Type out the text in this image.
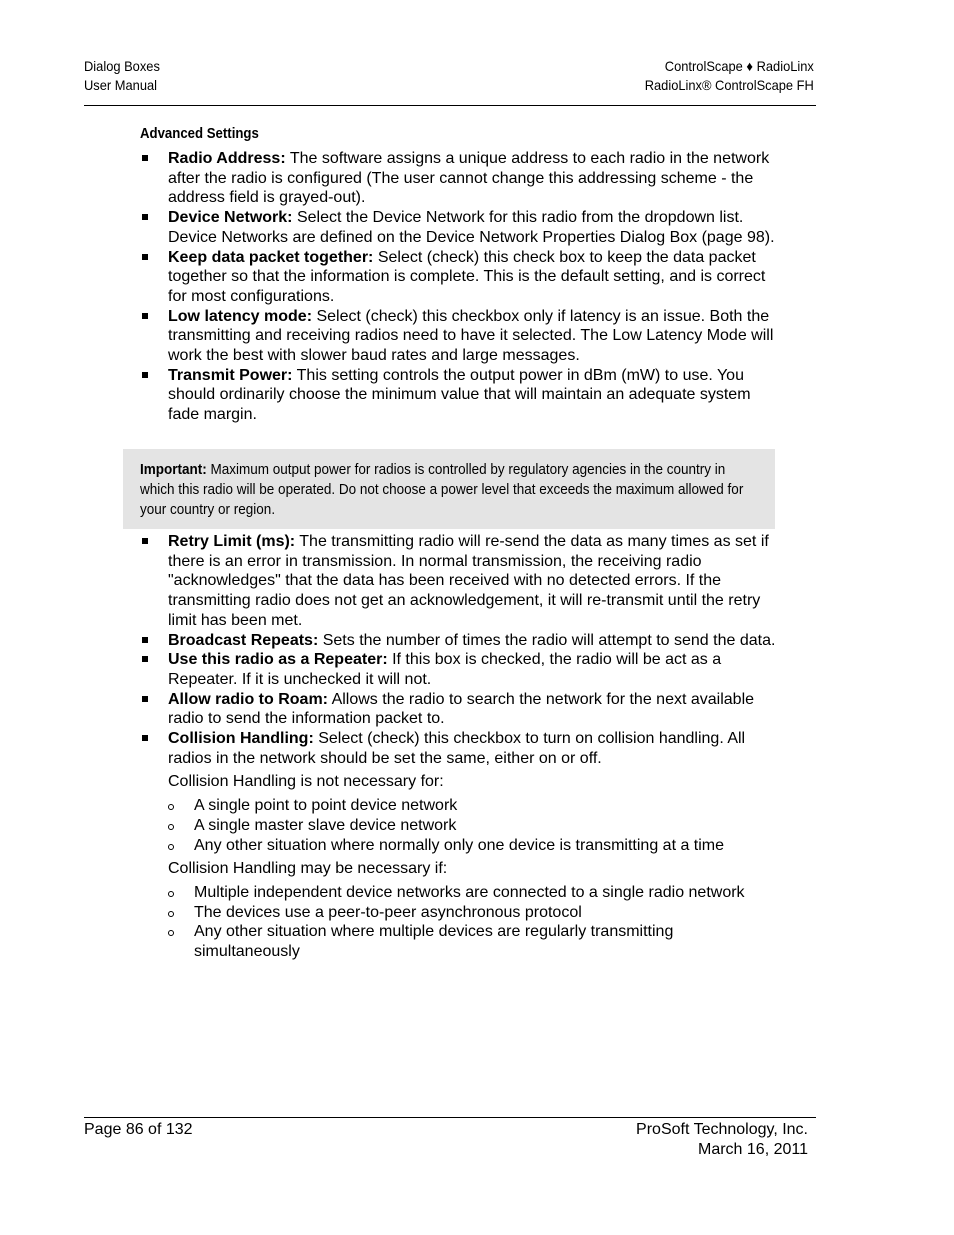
Dialog Boxes
User Manual
ControlScape ♦ RadioLinx
RadioLinx® ControlScape FH
Advanced Settings
Radio Address: The software assigns a unique address to each radio in the network after the radio is configured (The user cannot change this addressing scheme - the address field is grayed-out).
Device Network: Select the Device Network for this radio from the dropdown list. Device Networks are defined on the Device Network Properties Dialog Box (page 98).
Keep data packet together: Select (check) this check box to keep the data packet together so that the information is complete. This is the default setting, and is correct for most configurations.
Low latency mode: Select (check) this checkbox only if latency is an issue. Both the transmitting and receiving radios need to have it selected. The Low Latency Mode will work the best with slower baud rates and large messages.
Transmit Power: This setting controls the output power in dBm (mW) to use. You should ordinarily choose the minimum value that will maintain an adequate system fade margin.
Important: Maximum output power for radios is controlled by regulatory agencies in the country in which this radio will be operated. Do not choose a power level that exceeds the maximum allowed for your country or region.
Retry Limit (ms): The transmitting radio will re-send the data as many times as set if there is an error in transmission. In normal transmission, the receiving radio "acknowledges" that the data has been received with no detected errors. If the transmitting radio does not get an acknowledgement, it will re-transmit until the retry limit has been met.
Broadcast Repeats: Sets the number of times the radio will attempt to send the data.
Use this radio as a Repeater: If this box is checked, the radio will be act as a Repeater. If it is unchecked it will not.
Allow radio to Roam: Allows the radio to search the network for the next available radio to send the information packet to.
Collision Handling: Select (check) this checkbox to turn on collision handling. All radios in the network should be set the same, either on or off.
Collision Handling is not necessary for:
A single point to point device network
A single master slave device network
Any other situation where normally only one device is transmitting at a time
Collision Handling may be necessary if:
Multiple independent device networks are connected to a single radio network
The devices use a peer-to-peer asynchronous protocol
Any other situation where multiple devices are regularly transmitting simultaneously
Page 86 of 132	ProSoft Technology, Inc.
March 16, 2011
